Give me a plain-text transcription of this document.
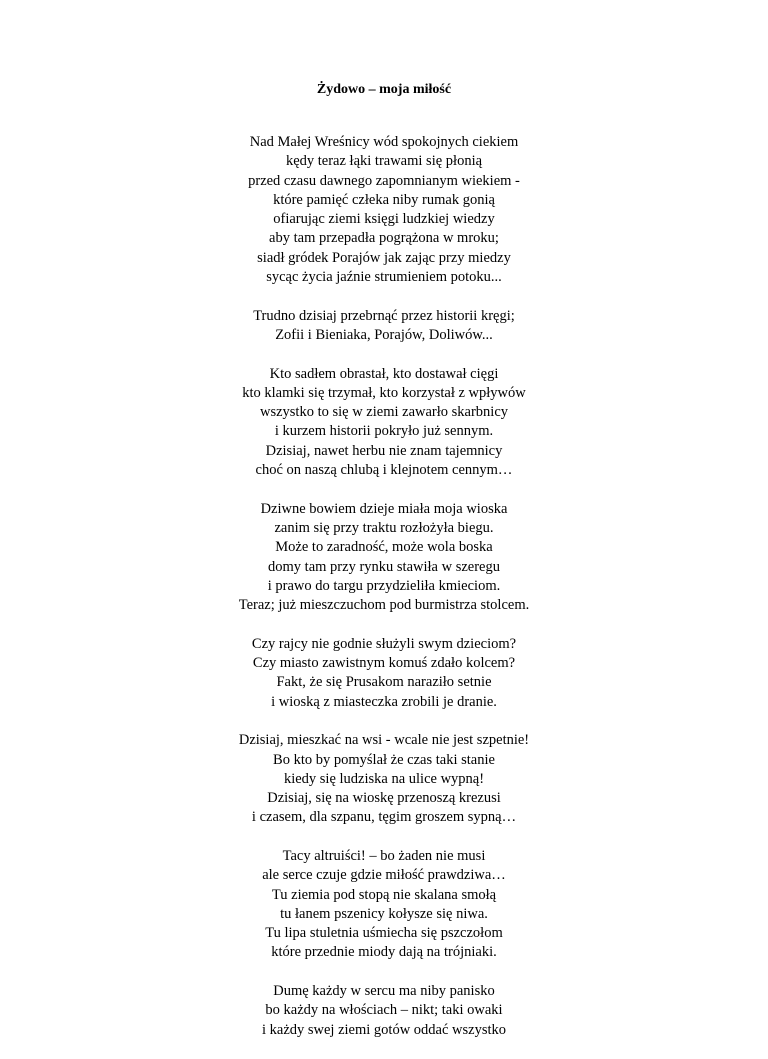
Żydowo – moja miłość
Nad Małej Wreśnicy wód spokojnych ciekiem
kędy teraz łąki trawami się płonią
przed czasu dawnego zapomnianym wiekiem -
które pamięć człeka niby rumak gonią
ofiarując ziemi księgi ludzkiej wiedzy
aby tam przepadła pogrążona w mroku;
siadł gródek Porajów jak zając przy miedzy
sycąc życia jaźnie strumieniem potoku...
Trudno dzisiaj przebrnąć przez historii kręgi;
Zofii i Bieniaka, Porajów, Doliwów...
Kto sadłem obrastał, kto dostawał cięgi
kto klamki się trzymał, kto korzystał z wpływów
wszystko to się w ziemi zawarło skarbnicy
i kurzem historii pokryło już sennym.
Dzisiaj, nawet herbu nie znam tajemnicy
choć on naszą chlubą i klejnotem cennym…
Dziwne bowiem dzieje miała moja wioska
zanim się przy traktu rozłożyła biegu.
Może to zaradność, może wola boska
domy tam przy rynku stawiła w szeregu
i prawo do targu przydzieliła kmieciom.
Teraz; już mieszczuchom pod burmistrza stolcem.
Czy rajcy nie godnie służyli swym dzieciom?
Czy miasto zawistnym komuś zdało kolcem?
Fakt, że się Prusakom naraziło setnie
i wioską z miasteczka zrobili je dranie.
Dzisiaj, mieszkać na wsi - wcale nie jest szpetnie!
Bo kto by pomyślał że czas taki stanie
kiedy się ludziska na ulice wypną!
Dzisiaj, się na wioskę przenoszą krezusi
i czasem, dla szpanu, tęgim groszem sypną…
Tacy altruiści! – bo żaden nie musi
ale serce czuje gdzie miłość prawdziwa…
Tu ziemia pod stopą nie skalana smołą
tu łanem pszenicy kołysze się niwa.
Tu lipa stuletnia uśmiecha się pszczołom
które przednie miody dają na trójniaki.
Dumę każdy w sercu ma niby panisko
bo każdy na włościach – nikt; taki owaki
i każdy swej ziemi gotów oddać wszystko
